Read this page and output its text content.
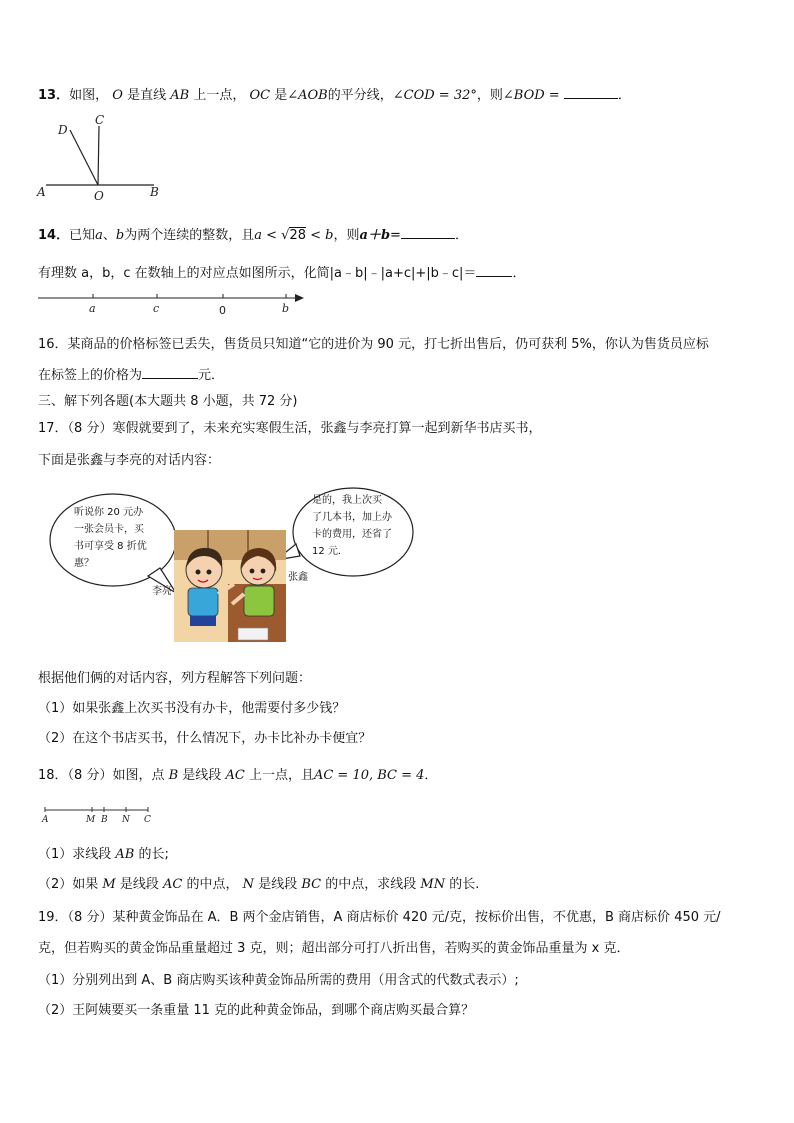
13．如图， O 是直线 AB 上一点， OC 是∠AOB的平分线，∠COD = 32°，则∠BOD =	．
D
C
A	O	B
14．已知a、b为两个连续的整数，且a < √28 < b，则a＋b=	．
有理数 a，b，c 在数轴上的对应点如图所示，化简|a﹣b|﹣|a+c|+|b﹣c|＝	．
a	c	0	b
16．某商品的价格标签已丢失，售货员只知道“它的进价为 90 元，打七折出售后，仍可获利 5%，你认为售货员应标
在标签上的价格为	元．
三、解下列各题(本大题共 8 小题，共 72 分)
17．（8 分）寒假就要到了，未来充实寒假生活，张鑫与李亮打算一起到新华书店买书，
下面是张鑫与李亮的对话内容：
听说你 20 元办
一张会员卡，买
书可享受 8 折优
惠？
是的，我上次买
了几本书，加上办
卡的费用，还省了
12 元．
李亮
张鑫
根据他们俩的对话内容，列方程解答下列问题：
（1）如果张鑫上次买书没有办卡，他需要付多少钱？
（2）在这个书店买书，什么情况下，办卡比补办卡便宜？
18．（8 分）如图，点 B 是线段 AC 上一点，且AC = 10, BC = 4．
A	M B N C
（1）求线段 AB 的长;
（2）如果 M 是线段 AC 的中点， N 是线段 BC 的中点，求线段 MN 的长.
19．（8 分）某种黄金饰品在 A．B 两个金店销售，A 商店标价 420 元/克，按标价出售，不优惠，B 商店标价 450 元/
克，但若购买的黄金饰品重量超过 3 克，则；超出部分可打八折出售，若购买的黄金饰品重量为 x 克．
（1）分别列出到 A、B 商店购买该种黄金饰品所需的费用（用含式的代数式表示）;
（2）王阿姨要买一条重量 11 克的此种黄金饰品，到哪个商店购买最合算？
